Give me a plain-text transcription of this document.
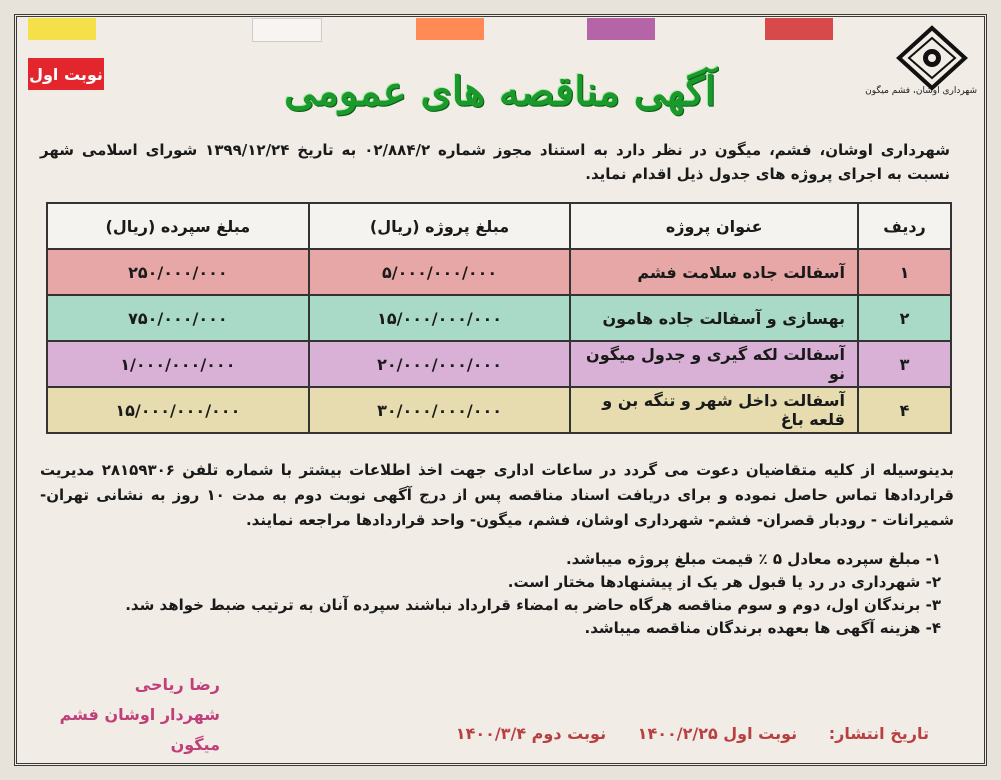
نوبت اول
شهرداری اوشان، فشم میگون
آگهی مناقصه های عمومی
شهرداری اوشان، فشم، میگون در نظر دارد به استناد مجوز شماره ۰۲/۸۸۴/۲ به تاریخ ۱۳۹۹/۱۲/۲۴ شورای اسلامی شهر نسبت به اجرای پروژه های جدول ذیل اقدام نماید.
ردیف	عنوان پروژه	مبلغ پروژه (ریال)	مبلغ سپرده (ریال)
۱	آسفالت جاده سلامت فشم	۵/۰۰۰/۰۰۰/۰۰۰	۲۵۰/۰۰۰/۰۰۰
۲	بهسازی و آسفالت جاده هامون	۱۵/۰۰۰/۰۰۰/۰۰۰	۷۵۰/۰۰۰/۰۰۰
۳	آسفالت لکه گیری و جدول میگون نو	۲۰/۰۰۰/۰۰۰/۰۰۰	۱/۰۰۰/۰۰۰/۰۰۰
۴	آسفالت داخل شهر و تنگه بن و قلعه باغ	۳۰/۰۰۰/۰۰۰/۰۰۰	۱۵/۰۰۰/۰۰۰/۰۰۰
بدینوسیله از کلیه متقاضیان دعوت می گردد در ساعات اداری جهت اخذ اطلاعات بیشتر با شماره تلفن ۲۸۱۵۹۳۰۶ مدیریت قراردادها تماس حاصل نموده و برای دریافت اسناد مناقصه پس از درج آگهی نوبت دوم به مدت ۱۰ روز به نشانی تهران- شمیرانات - رودبار قصران- فشم- شهرداری اوشان، فشم، میگون- واحد قراردادها مراجعه نمایند.
۱- مبلغ سپرده معادل ۵ ٪ قیمت مبلغ پروژه میباشد.
۲- شهرداری در رد یا قبول هر یک از پیشنهادها مختار است.
۳- برندگان اول، دوم و سوم مناقصه هرگاه حاضر به امضاء قرارداد نباشند سپرده آنان به ترتیب ضبط خواهد شد.
۴- هزینه آگهی ها بعهده برندگان مناقصه میباشد.
رضا ریاحی
شهردار اوشان فشم میگون
تاریخ انتشار: نوبت اول ۱۴۰۰/۲/۲۵ نوبت دوم ۱۴۰۰/۳/۴
